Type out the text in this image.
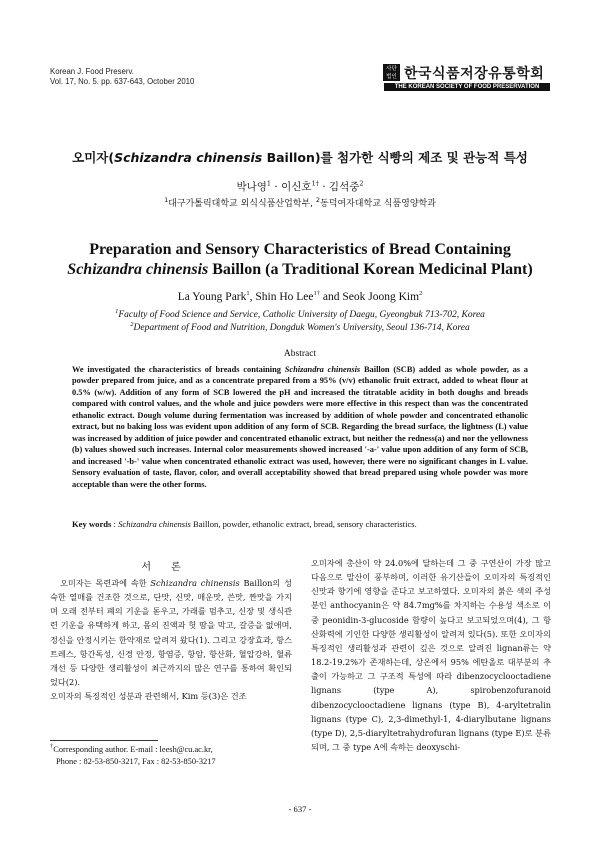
Korean J. Food Preserv.
Vol. 17, No. 5. pp. 637-643, October 2010
사단 법인 한국식품저장유통학회
THE KOREAN SOCIETY OF FOOD PRESERVATION
오미자(Schizandra chinensis Baillon)를 첨가한 식빵의 제조 및 관능적 특성
박나영$^1$ · 이신호$^{1\dagger}$ · 김석중$^2$
$^1$대구가톨릭대학교 외식식품산업학부, $^2$동덕여자대학교 식품영양학과
Preparation and Sensory Characteristics of Bread Containing
Schizandra chinensis Baillon (a Traditional Korean Medicinal Plant)
La Young Park$^1$, Shin Ho Lee$^{1\dagger}$ and Seok Joong Kim$^2$
$^1$Faculty of Food Science and Service, Catholic University of Daegu, Gyeongbuk 713-702, Korea
$^2$Department of Food and Nutrition, Dongduk Women's University, Seoul 136-714, Korea
Abstract

We investigated the characteristics of breads containing Schizandra chinensis Baillon (SCB) added as whole powder, as a powder prepared from juice, and as a concentrate prepared from a 95% (v/v) ethanolic fruit extract, added to wheat flour at 0.5% (w/w). Addition of any form of SCB lowered the pH and increased the titratable acidity in both doughs and breads compared with control values, and the whole and juice powders were more effective in this respect than was the concentrated ethanolic extract. Dough volume during fermentation was increased by addition of whole powder and concentrated ethanolic extract, but no baking loss was evident upon addition of any form of SCB. Regarding the bread surface, the lightness (L) value was increased by addition of juice powder and concentrated ethanolic extract, but neither the redness(a) and nor the yellowness (b) values showed such increases. Internal color measurements showed increased '-a-' value upon addition of any form of SCB, and increased '-b-' value when concentrated ethanolic extract was used, however, there were no significant changes in L value. Sensory evaluation of taste, flavor, color, and overall acceptability showed that bread prepared using whole powder was more acceptable than were the other forms.

Key words : Schizandra chinensis Baillon, powder, ethanolic extract, bread, sensory characteristics.
서론

오미자는 목련과에 속한 Schizandra chinensis Baillon의 성숙한 열매를 건조한 것으로, 단맛, 신맛, 매운맛, 쓴맛, 짠맛을 가지며 오래 전부터 폐의 기운을 돋우고, 가래를 멈추고, 신장 및 생식관련 기운을 유택하게 하고, 몸의 진액과 헛 땀을 막고, 갈증을 없애며, 정신을 안정시키는 한약재로 알려져 왔다(1). 그리고 강장효과, 항스트레스, 항간독성, 신경 안정, 항염증, 항암, 항산화, 혈압강하, 혈류개선 등 다양한 생리활성이 최근까지의 많은 연구를 통하여 확인되었다(2).
오미자의 특징적인 성분과 관련해서, Kim 등(3)은 건조

오미자에 총산이 약 24.0%에 달하는데 그 중 구연산이 가장 많고 다음으로 말산이 풍부하며, 이러한 유기산들이 오미자의 특징적인 신맛과 향기에 영향을 준다고 보고하였다. 오미자의 붉은 색의 주성분인 anthocyanin은 약 84.7mg%를 차지하는 수용성 색소로 이 중 peonidin-3-glucoside 함량이 높다고 보고되었으며(4), 그 항산화력에 기인한 다양한 생리활성이 알려져 있다(5). 또한 오미자의 특징적인 생리활성과 관련이 깊은 것으로 알려진 lignan류는 약 18.2-19.2%가 존재하는데, 상온에서 95% 에탄올로 대부분의 추출이 가능하고 그 구조적 특성에 따라 dibenzocyclooctadiene lignans (type A), spirobenzofuranoid dibenzocyclooctadiene lignans (type B), 4-aryltetralin lignans (type C), 2,3-dimethyl-1, 4-diarylbutane lignans (type D), 2,5-diaryltetrahydrofuran lignans (type E)로 분류되며, 그 중 type A에 속하는 deoxyschi-

†Corresponding author. E-mail : leesh@cu.ac.kr,
Phone : 82-53-850-3217, Fax : 82-53-850-3217
- 637 -
